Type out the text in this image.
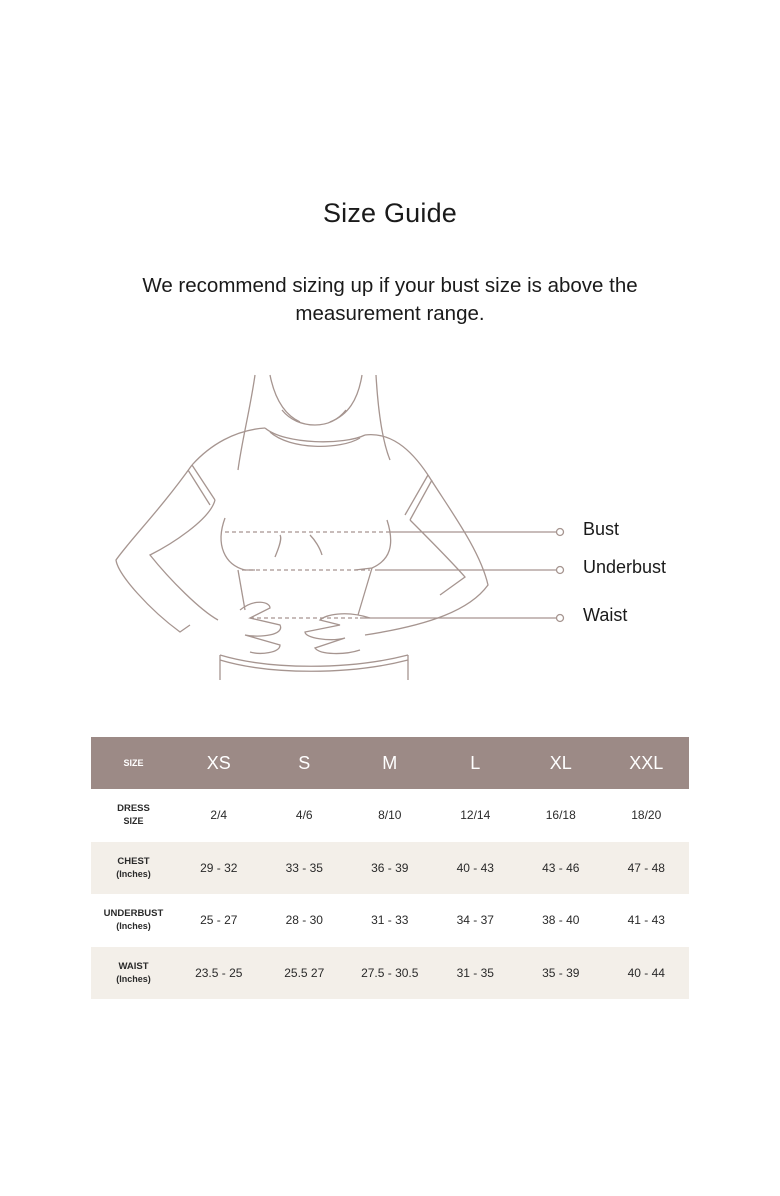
Size Guide
We recommend sizing up if your bust size is above the measurement range.
Bust
Underbust
Waist
SIZE	XS	S	M	L	XL	XXL
DRESS
SIZE	2/4	4/6	8/10	12/14	16/18	18/20
CHEST
(Inches)	29 - 32	33 - 35	36 - 39	40 - 43	43 - 46	47 - 48
UNDERBUST
(Inches)	25 - 27	28 - 30	31 - 33	34 - 37	38 - 40	41 - 43
WAIST
(Inches)	23.5 - 25	25.5 27	27.5 - 30.5	31 - 35	35 - 39	40 - 44
